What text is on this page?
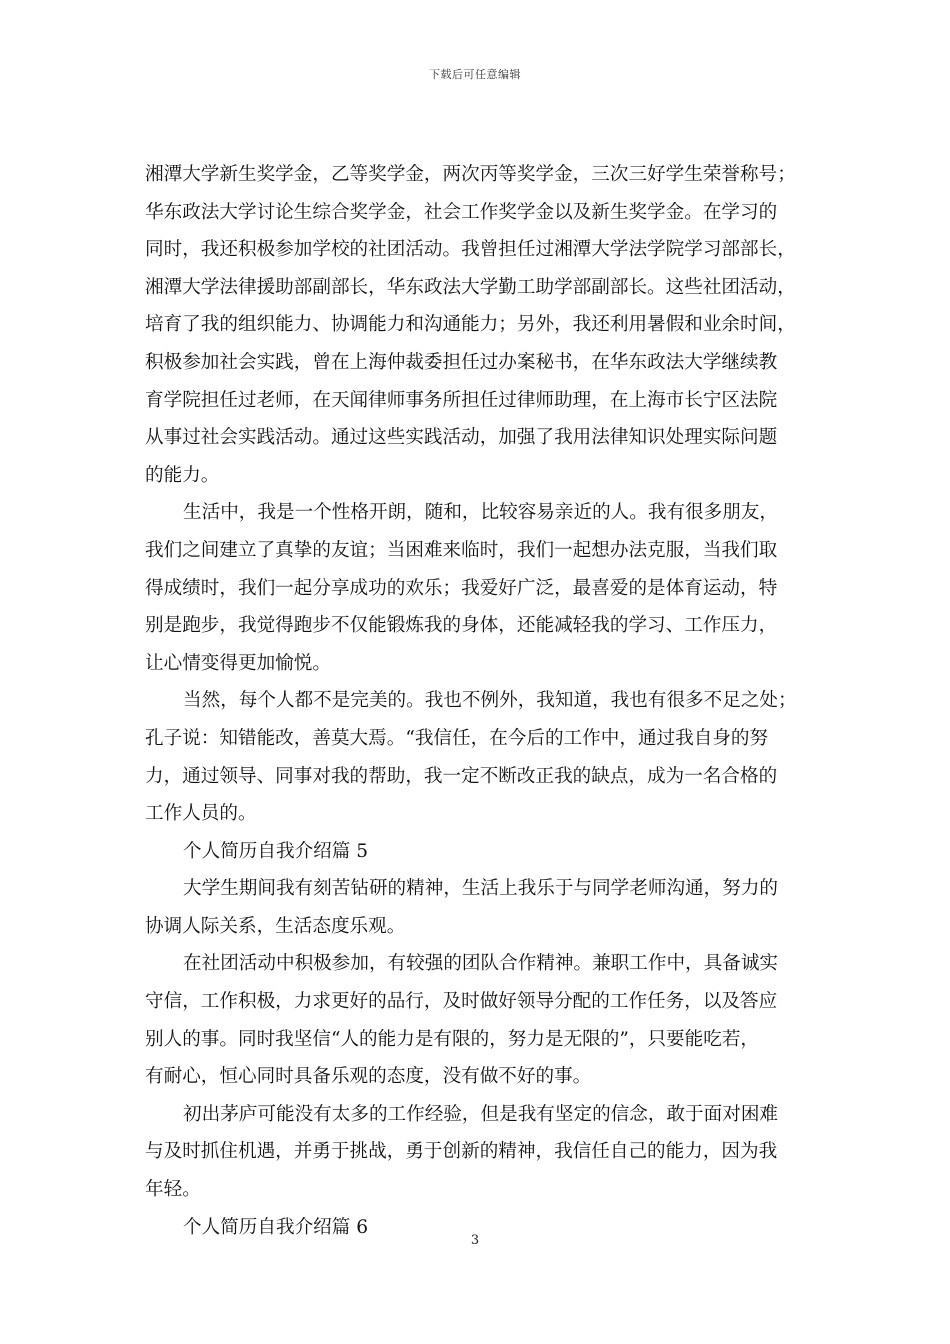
下载后可任意编辑
湘潭大学新生奖学金，乙等奖学金，两次丙等奖学金，三次三好学生荣誉称号；
华东政法大学讨论生综合奖学金，社会工作奖学金以及新生奖学金。在学习的
同时，我还积极参加学校的社团活动。我曾担任过湘潭大学法学院学习部部长，
湘潭大学法律援助部副部长，华东政法大学勤工助学部副部长。这些社团活动，
培育了我的组织能力、协调能力和沟通能力；另外，我还利用暑假和业余时间，
积极参加社会实践，曾在上海仲裁委担任过办案秘书，在华东政法大学继续教
育学院担任过老师，在天闻律师事务所担任过律师助理，在上海市长宁区法院
从事过社会实践活动。通过这些实践活动，加强了我用法律知识处理实际问题
的能力。
生活中，我是一个性格开朗，随和，比较容易亲近的人。我有很多朋友，
我们之间建立了真挚的友谊；当困难来临时，我们一起想办法克服，当我们取
得成绩时，我们一起分享成功的欢乐；我爱好广泛，最喜爱的是体育运动，特
别是跑步，我觉得跑步不仅能锻炼我的身体，还能减轻我的学习、工作压力，
让心情变得更加愉悦。
当然，每个人都不是完美的。我也不例外，我知道，我也有很多不足之处；
孔子说：知错能改，善莫大焉。“我信任，在今后的工作中，通过我自身的努
力，通过领导、同事对我的帮助，我一定不断改正我的缺点，成为一名合格的
工作人员的。
个人简历自我介绍篇 5
大学生期间我有刻苦钻研的精神，生活上我乐于与同学老师沟通，努力的
协调人际关系，生活态度乐观。
在社团活动中积极参加，有较强的团队合作精神。兼职工作中，具备诚实
守信，工作积极，力求更好的品行，及时做好领导分配的工作任务，以及答应
别人的事。同时我坚信“人的能力是有限的，努力是无限的”，只要能吃若，
有耐心，恒心同时具备乐观的态度，没有做不好的事。
初出茅庐可能没有太多的工作经验，但是我有坚定的信念，敢于面对困难
与及时抓住机遇，并勇于挑战，勇于创新的精神，我信任自己的能力，因为我
年轻。
个人简历自我介绍篇 6
3
